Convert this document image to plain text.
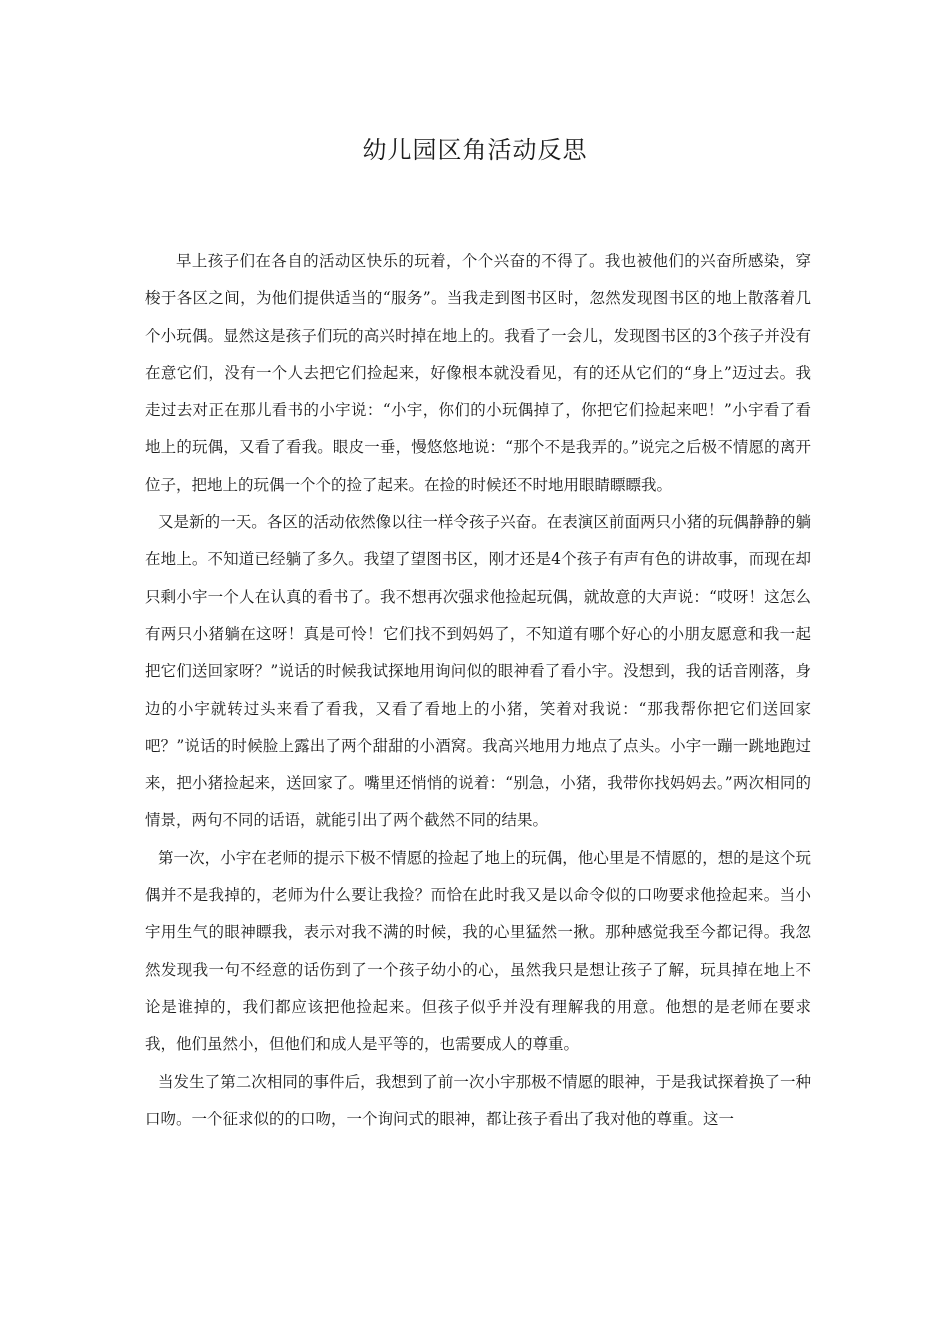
幼儿园区角活动反思

早上孩子们在各自的活动区快乐的玩着，个个兴奋的不得了。我也被他们的兴奋所感染，穿梭于各区之间，为他们提供适当的“服务”。当我走到图书区时，忽然发现图书区的地上散落着几个小玩偶。显然这是孩子们玩的高兴时掉在地上的。我看了一会儿，发现图书区的3个孩子并没有在意它们，没有一个人去把它们捡起来，好像根本就没看见，有的还从它们的“身上”迈过去。我走过去对正在那儿看书的小宇说：“小宇，你们的小玩偶掉了，你把它们捡起来吧！”小宇看了看地上的玩偶，又看了看我。眼皮一垂，慢悠悠地说：“那个不是我弄的。”说完之后极不情愿的离开位子，把地上的玩偶一个个的捡了起来。在捡的时候还不时地用眼睛瞟瞟我。

又是新的一天。各区的活动依然像以往一样令孩子兴奋。在表演区前面两只小猪的玩偶静静的躺在地上。不知道已经躺了多久。我望了望图书区，刚才还是4个孩子有声有色的讲故事，而现在却只剩小宇一个人在认真的看书了。我不想再次强求他捡起玩偶，就故意的大声说：“哎呀！这怎么有两只小猪躺在这呀！真是可怜！它们找不到妈妈了，不知道有哪个好心的小朋友愿意和我一起把它们送回家呀？”说话的时候我试探地用询问似的眼神看了看小宇。没想到，我的话音刚落，身边的小宇就转过头来看了看我，又看了看地上的小猪，笑着对我说：“那我帮你把它们送回家吧？”说话的时候脸上露出了两个甜甜的小酒窝。我高兴地用力地点了点头。小宇一蹦一跳地跑过来，把小猪捡起来，送回家了。嘴里还悄悄的说着：“别急，小猪，我带你找妈妈去。”两次相同的情景，两句不同的话语，就能引出了两个截然不同的结果。

第一次，小宇在老师的提示下极不情愿的捡起了地上的玩偶，他心里是不情愿的，想的是这个玩偶并不是我掉的，老师为什么要让我捡？而恰在此时我又是以命令似的口吻要求他捡起来。当小宇用生气的眼神瞟我，表示对我不满的时候，我的心里猛然一揪。那种感觉我至今都记得。我忽然发现我一句不经意的话伤到了一个孩子幼小的心，虽然我只是想让孩子了解，玩具掉在地上不论是谁掉的，我们都应该把他捡起来。但孩子似乎并没有理解我的用意。他想的是老师在要求我，他们虽然小，但他们和成人是平等的，也需要成人的尊重。

当发生了第二次相同的事件后，我想到了前一次小宇那极不情愿的眼神，于是我试探着换了一种口吻。一个征求似的的口吻，一个询问式的眼神，都让孩子看出了我对他的尊重。这一
